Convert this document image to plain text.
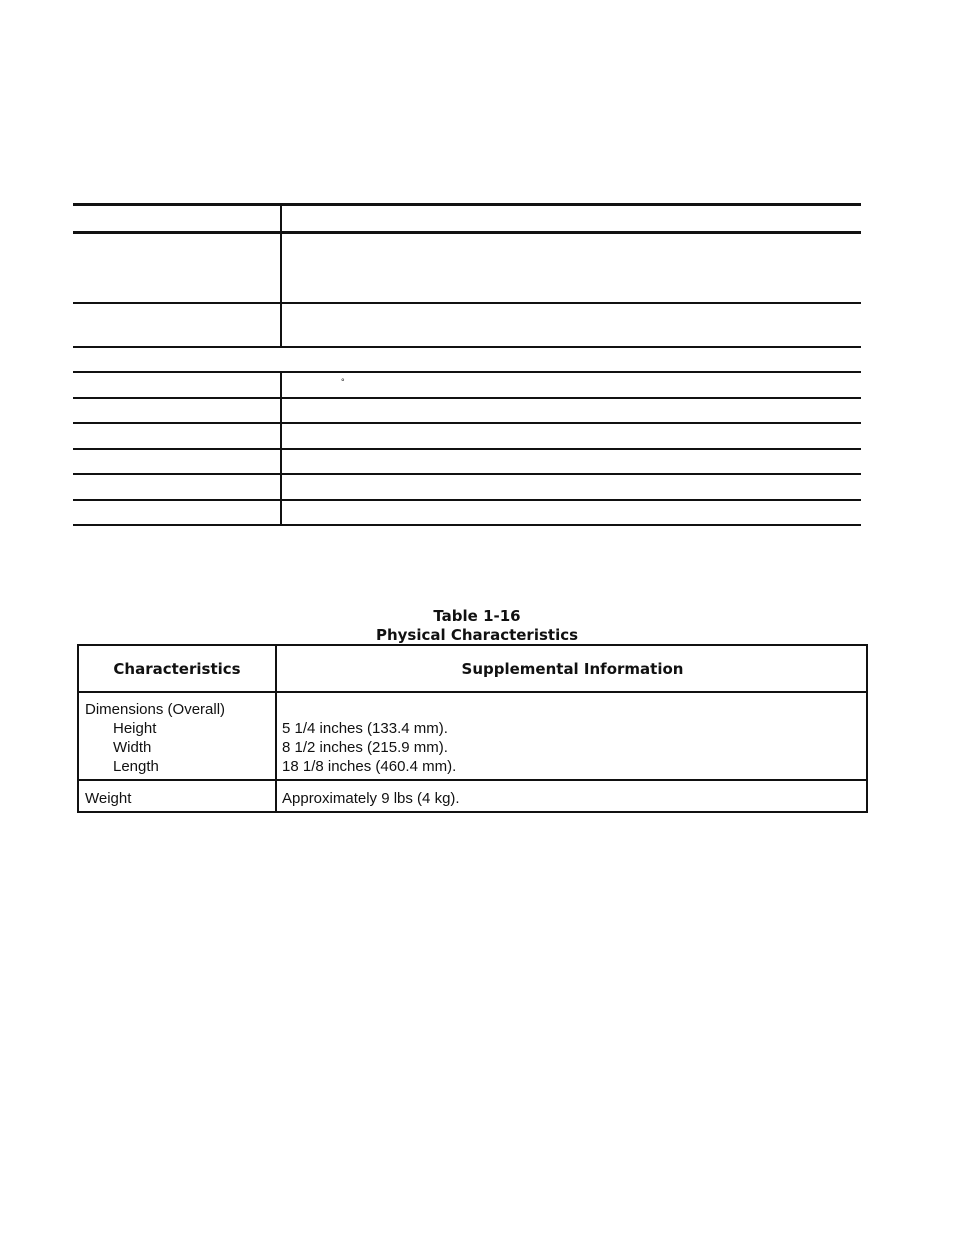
°
Table 1-16
Physical Characteristics
Characteristics	Supplemental Information
Dimensions (Overall)
Height	5 1/4 inches (133.4 mm).
Width	8 1/2 inches (215.9 mm).
Length	18 1/8 inches (460.4 mm).
Weight	Approximately 9 lbs (4 kg).
